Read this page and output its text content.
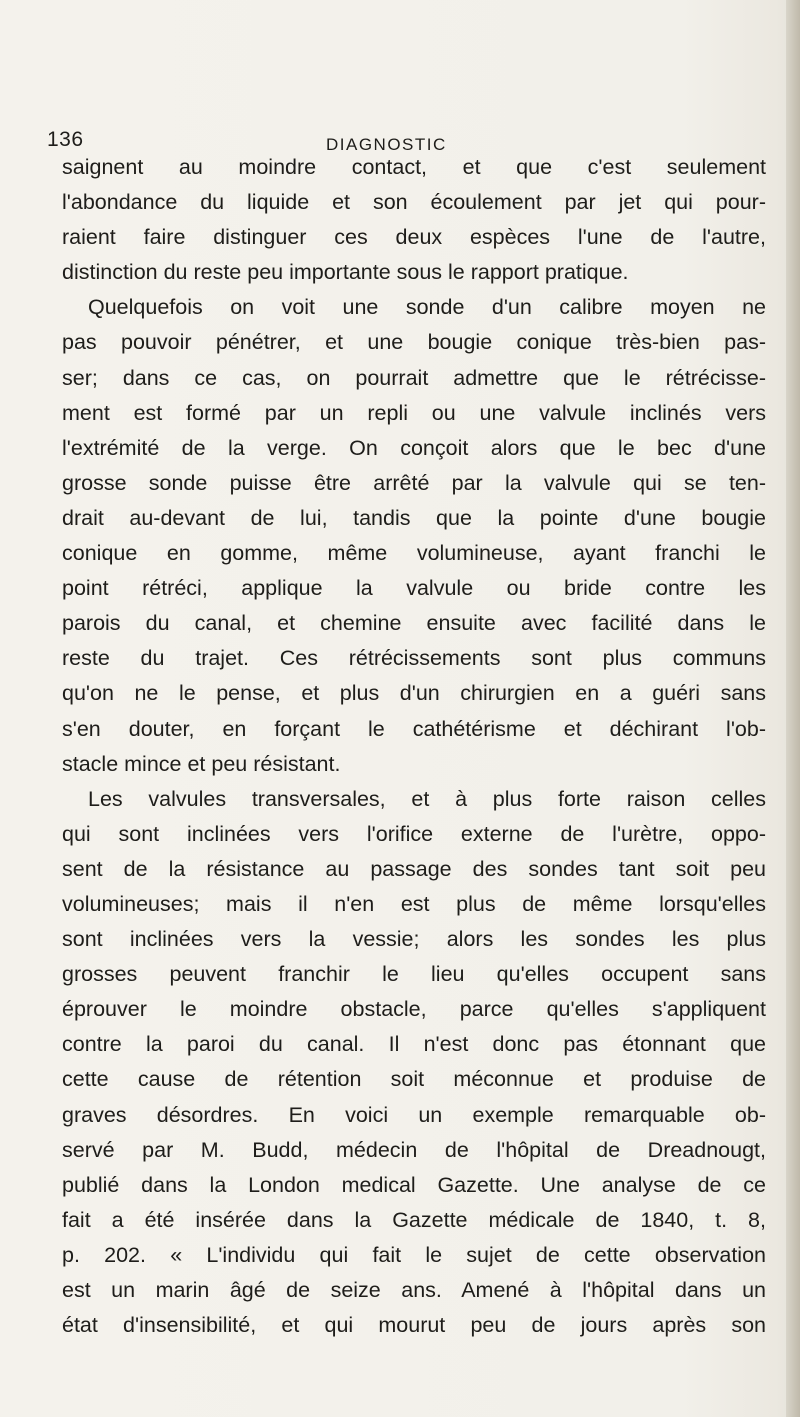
136	DIAGNOSTIC
saignent au moindre contact, et que c'est seulement
l'abondance du liquide et son écoulement par jet qui pour-
raient faire distinguer ces deux espèces l'une de l'autre,
distinction du reste peu importante sous le rapport pratique.
Quelquefois on voit une sonde d'un calibre moyen ne
pas pouvoir pénétrer, et une bougie conique très-bien pas-
ser; dans ce cas, on pourrait admettre que le rétrécisse-
ment est formé par un repli ou une valvule inclinés vers
l'extrémité de la verge. On conçoit alors que le bec d'une
grosse sonde puisse être arrêté par la valvule qui se ten-
drait au-devant de lui, tandis que la pointe d'une bougie
conique en gomme, même volumineuse, ayant franchi le
point rétréci, applique la valvule ou bride contre les
parois du canal, et chemine ensuite avec facilité dans le
reste du trajet. Ces rétrécissements sont plus communs
qu'on ne le pense, et plus d'un chirurgien en a guéri sans
s'en douter, en forçant le cathétérisme et déchirant l'ob-
stacle mince et peu résistant.
Les valvules transversales, et à plus forte raison celles
qui sont inclinées vers l'orifice externe de l'urètre, oppo-
sent de la résistance au passage des sondes tant soit peu
volumineuses; mais il n'en est plus de même lorsqu'elles
sont inclinées vers la vessie; alors les sondes les plus
grosses peuvent franchir le lieu qu'elles occupent sans
éprouver le moindre obstacle, parce qu'elles s'appliquent
contre la paroi du canal. Il n'est donc pas étonnant que
cette cause de rétention soit méconnue et produise de
graves désordres. En voici un exemple remarquable ob-
servé par M. Budd, médecin de l'hôpital de Dreadnougt,
publié dans la London medical Gazette. Une analyse de ce
fait a été insérée dans la Gazette médicale de 1840, t. 8,
p. 202. « L'individu qui fait le sujet de cette observation
est un marin âgé de seize ans. Amené à l'hôpital dans un
état d'insensibilité, et qui mourut peu de jours après son
